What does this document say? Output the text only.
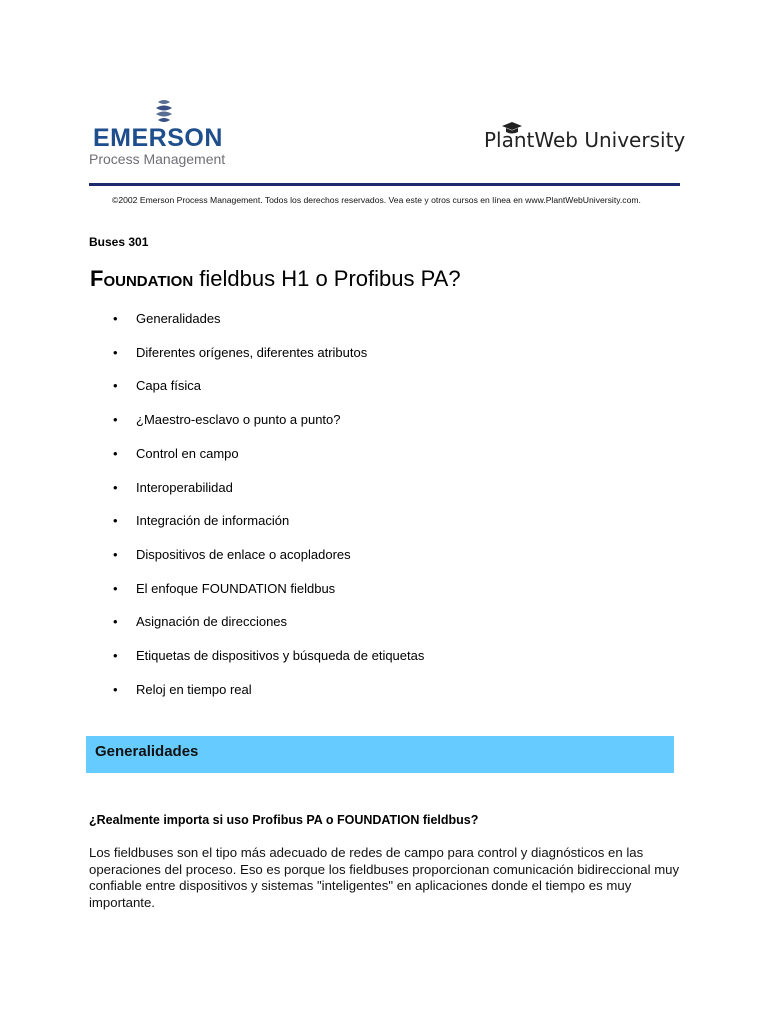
EMERSON
Process Management
PlantWeb University
©2002 Emerson Process Management. Todos los derechos reservados. Vea este y otros cursos en línea en www.PlantWebUniversity.com.
Buses 301
Foundation fieldbus H1 o Profibus PA?
• Generalidades
• Diferentes orígenes, diferentes atributos
• Capa física
• ¿Maestro-esclavo o punto a punto?
• Control en campo
• Interoperabilidad
• Integración de información
• Dispositivos de enlace o acopladores
• El enfoque FOUNDATION fieldbus
• Asignación de direcciones
• Etiquetas de dispositivos y búsqueda de etiquetas
• Reloj en tiempo real
Generalidades
¿Realmente importa si uso Profibus PA o FOUNDATION fieldbus?
Los fieldbuses son el tipo más adecuado de redes de campo para control y diagnósticos en las operaciones del proceso. Eso es porque los fieldbuses proporcionan comunicación bidireccional muy confiable entre dispositivos y sistemas "inteligentes" en aplicaciones donde el tiempo es muy importante.
